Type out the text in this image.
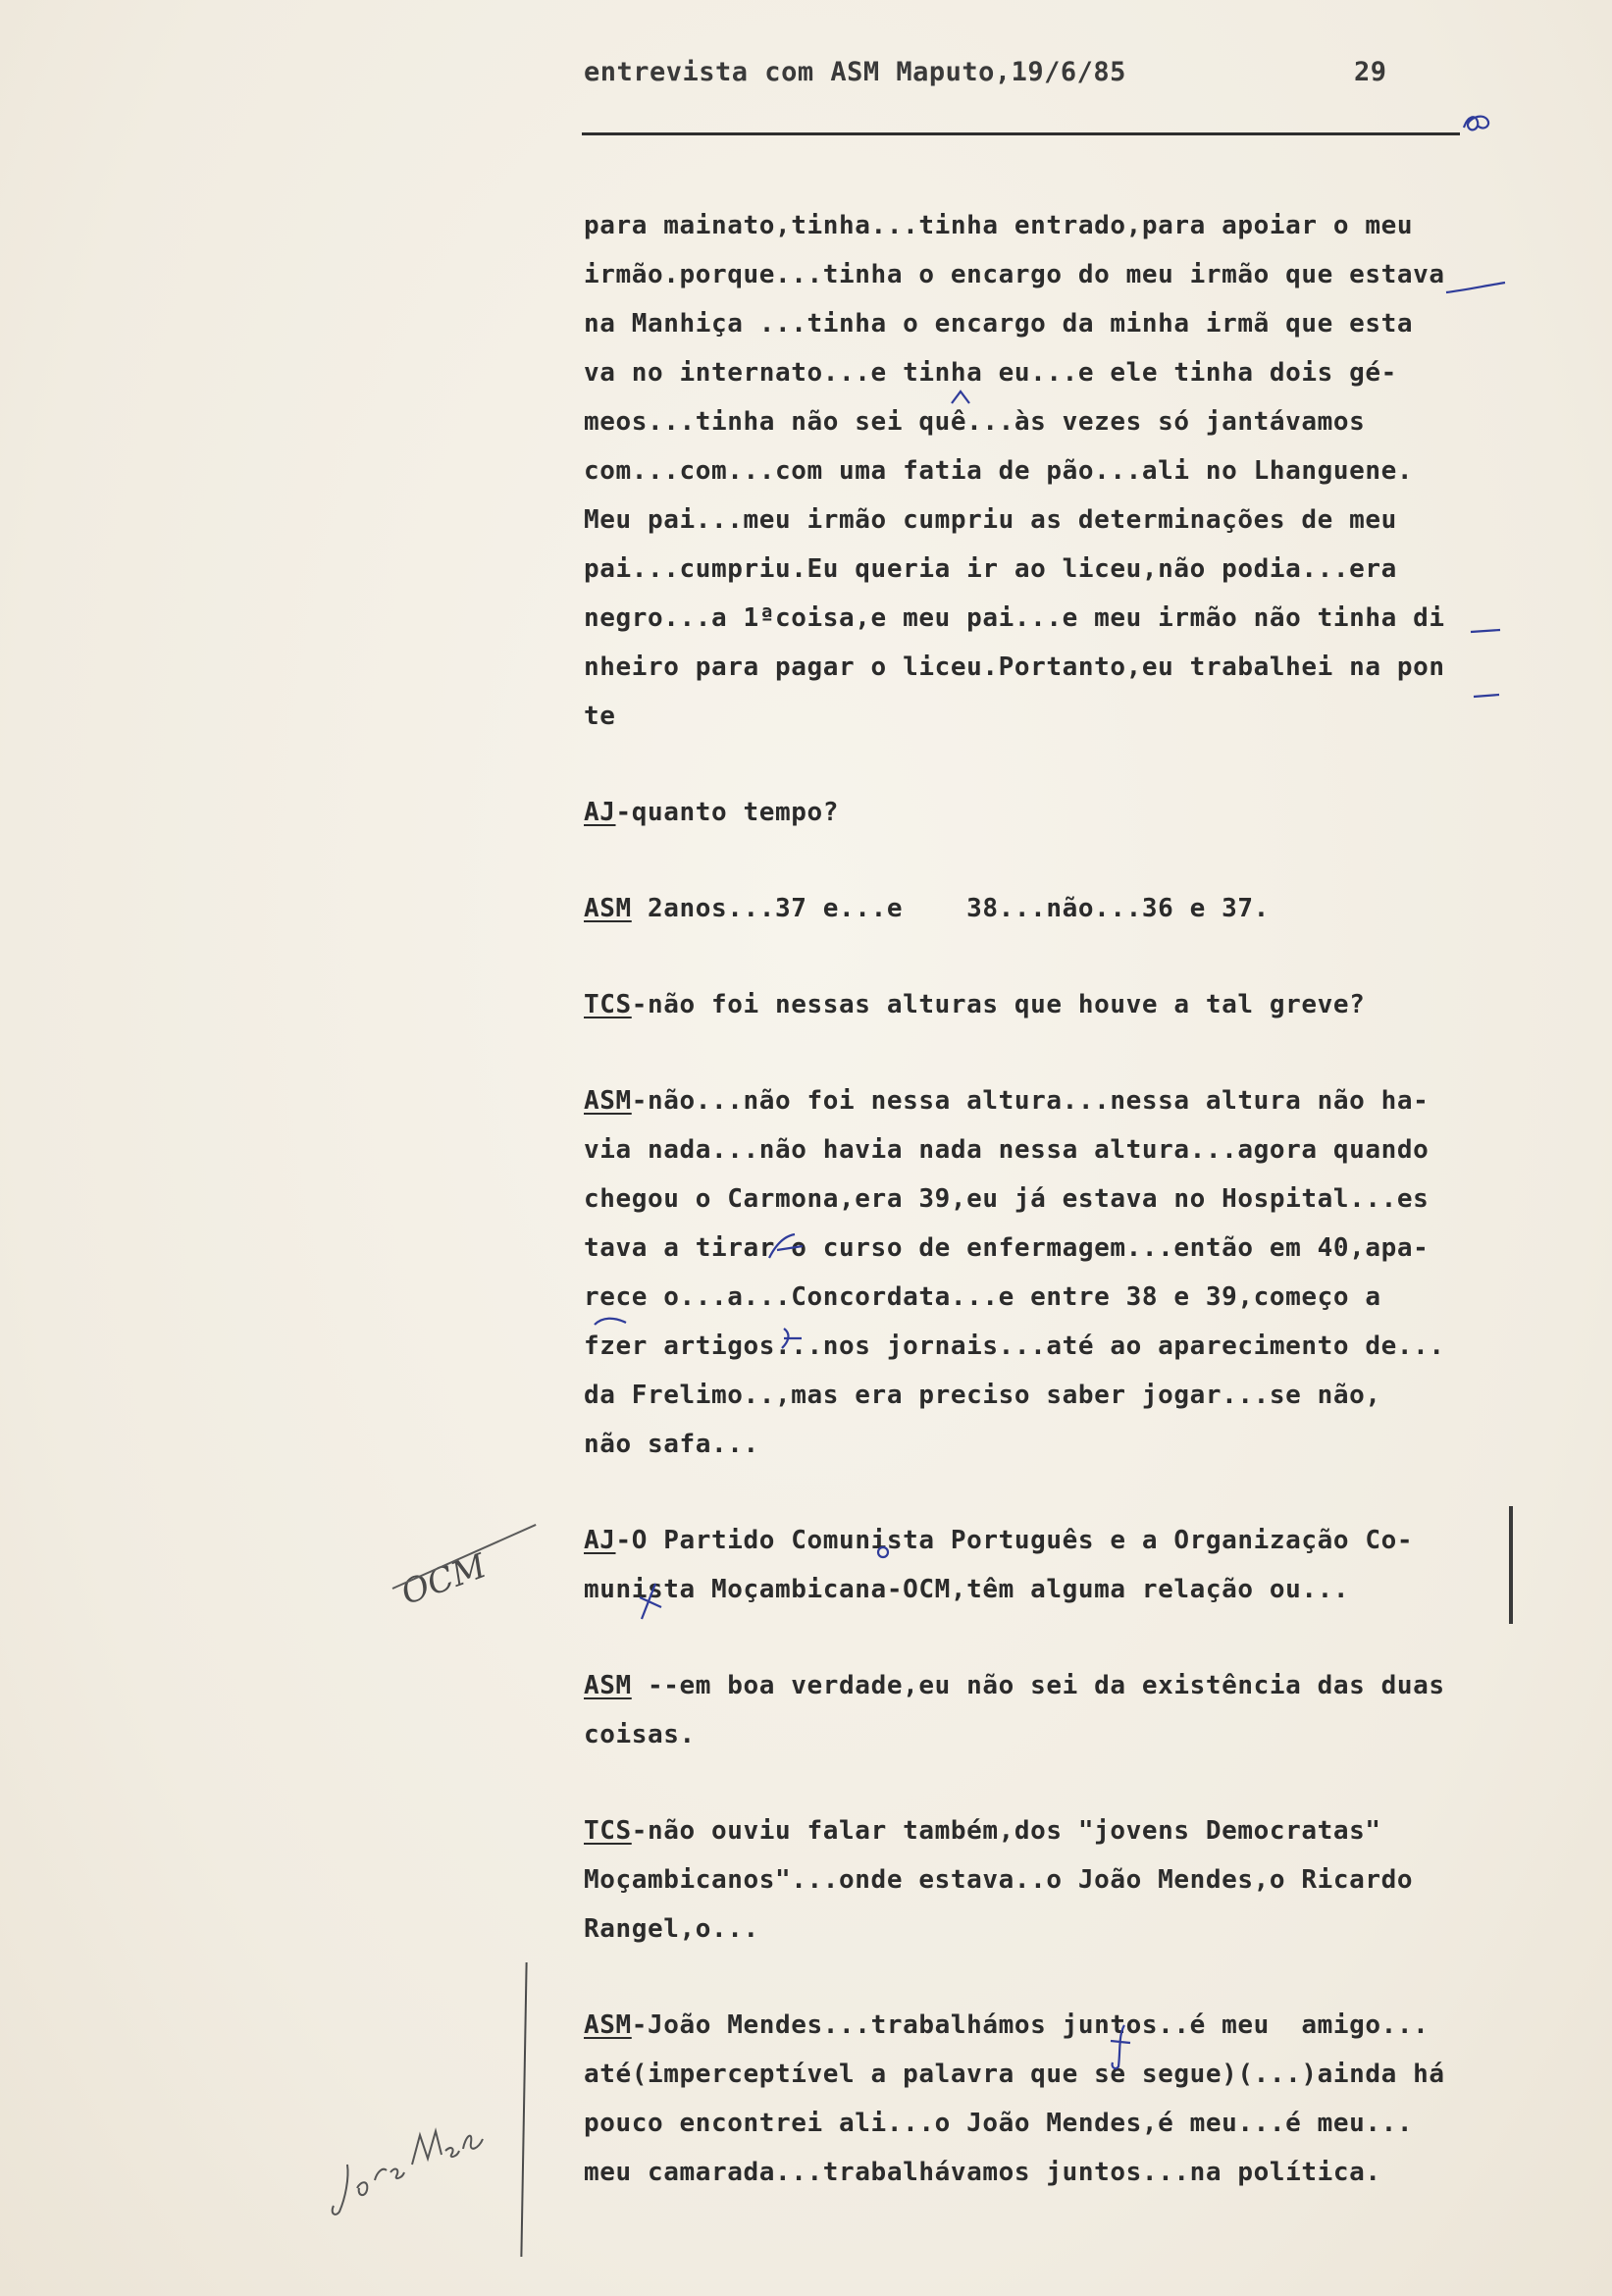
entrevista com ASM Maputo,19/6/85	29
para mainato,tinha...tinha entrado,para apoiar o meu
irmão.porque...tinha o encargo do meu irmão que estava
na Manhiça ...tinha o encargo da minha irmã que esta
va no internato...e tinha eu...e ele tinha dois gé-
meos...tinha não sei quê...às vezes só jantávamos
com...com...com uma fatia de pão...ali no Lhanguene.
Meu pai...meu irmão cumpriu as determinações de meu
pai...cumpriu.Eu queria ir ao liceu,não podia...era
negro...a 1ªcoisa,e meu pai...e meu irmão não tinha di
nheiro para pagar o liceu.Portanto,eu trabalhei na pon
te
AJ-quanto tempo?
ASM 2anos...37 e...e    38...não...36 e 37.
TCS-não foi nessas alturas que houve a tal greve?
ASM-não...não foi nessa altura...nessa altura não ha-
via nada...não havia nada nessa altura...agora quando
chegou o Carmona,era 39,eu já estava no Hospital...es
tava a tirar o curso de enfermagem...então em 40,apa-
rece o...a...Concordata...e entre 38 e 39,começo a
fzer artigos...nos jornais...até ao aparecimento de...
da Frelimo..,mas era preciso saber jogar...se não,
não safa...
AJ-O Partido Comunista Português e a Organização Co-
munista Moçambicana-OCM,têm alguma relação ou...
ASM --em boa verdade,eu não sei da existência das duas
coisas.
TCS-não ouviu falar também,dos "jovens Democratas"
Moçambicanos"...onde estava..o João Mendes,o Ricardo
Rangel,o...
ASM-João Mendes...trabalhámos juntos..é meu  amigo...
até(imperceptível a palavra que se segue)(...)ainda há
pouco encontrei ali...o João Mendes,é meu...é meu...
meu camarada...trabalhávamos juntos...na política.
OCM
